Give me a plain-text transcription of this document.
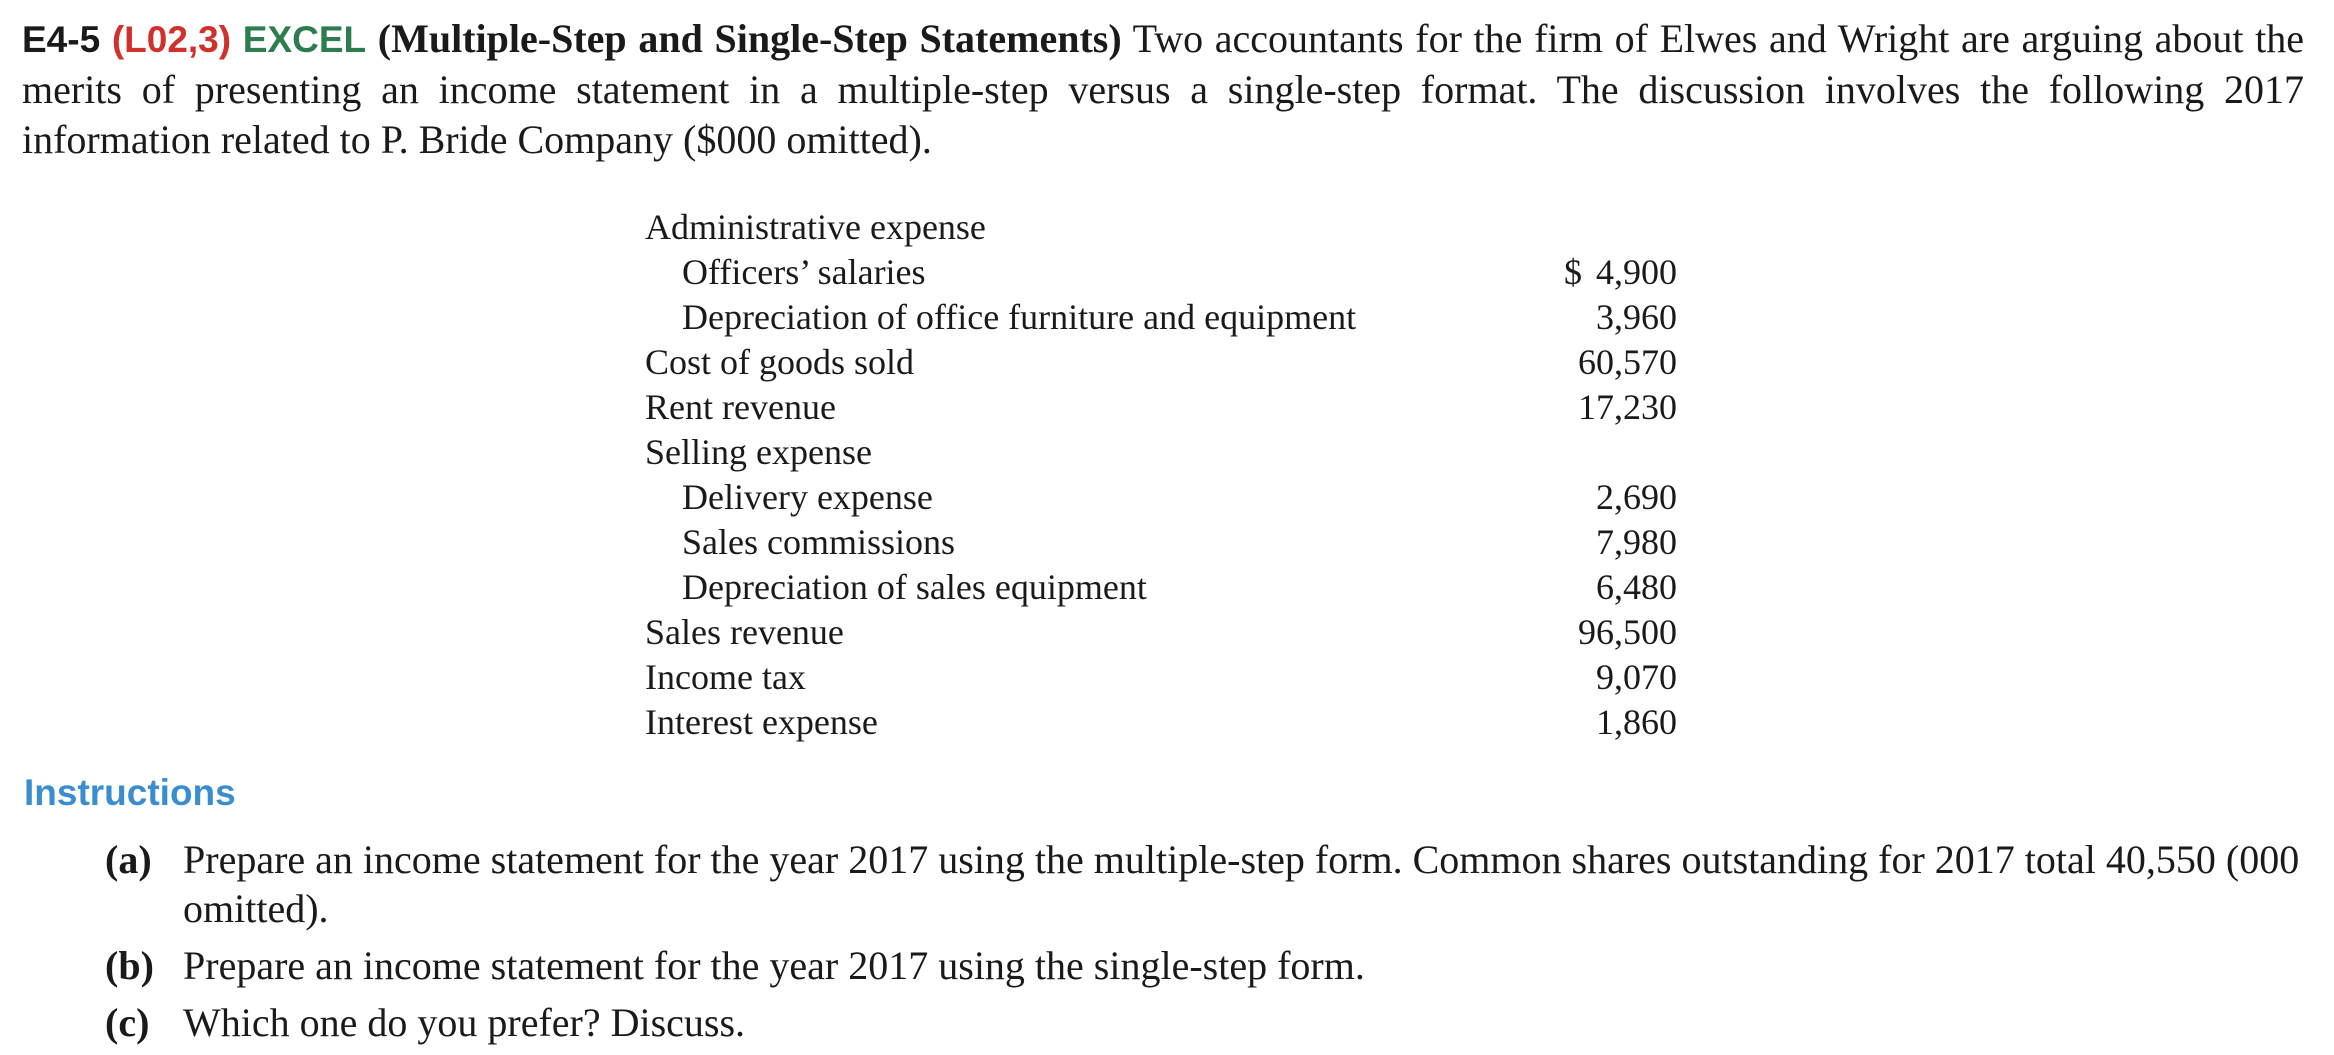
E4-5 (L02,3) EXCEL (Multiple-Step and Single-Step Statements) Two accountants for the firm of Elwes and Wright are arguing about the merits of presenting an income statement in a multiple-step versus a single-step format. The discussion involves the following 2017 information related to P. Bride Company ($000 omitted).
Administrative expense
Officers’ salaries	$ 4,900
Depreciation of office furniture and equipment	3,960
Cost of goods sold	60,570
Rent revenue	17,230
Selling expense
Delivery expense	2,690
Sales commissions	7,980
Depreciation of sales equipment	6,480
Sales revenue	96,500
Income tax	9,070
Interest expense	1,860
Instructions
(a) Prepare an income statement for the year 2017 using the multiple-step form. Common shares outstanding for 2017 total 40,550 (000 omitted).
(b) Prepare an income statement for the year 2017 using the single-step form.
(c) Which one do you prefer? Discuss.
